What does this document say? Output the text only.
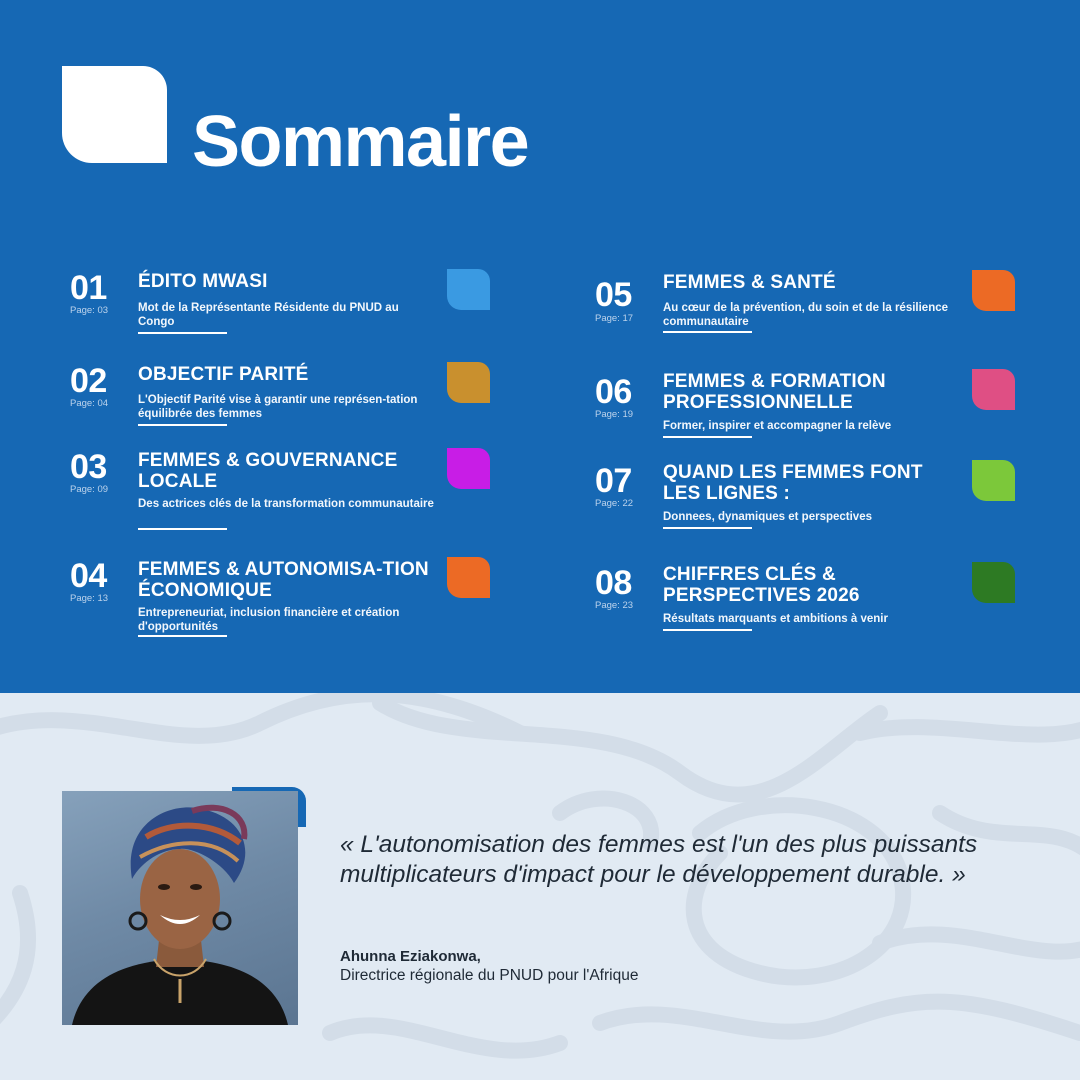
Sommaire
01
Page: 03
ÉDITO MWASI
Mot de la Représentante Résidente du PNUD au Congo
02
Page: 04
OBJECTIF PARITÉ
L'Objectif Parité vise à garantir une représen-tation équilibrée des femmes
03
Page: 09
FEMMES & GOUVERNANCE LOCALE
Des actrices clés de la transformation communautaire
04
Page: 13
FEMMES & AUTONOMISA-TION ÉCONOMIQUE
Entrepreneuriat, inclusion financière et création d'opportunités
05
Page: 17
FEMMES & SANTÉ
Au cœur de la prévention, du soin et de la résilience communautaire
06
Page: 19
FEMMES & FORMATION PROFESSIONNELLE
Former, inspirer et accompagner la relève
07
Page: 22
QUAND LES FEMMES FONT LES LIGNES :
Donnees, dynamiques et perspectives
08
Page: 23
CHIFFRES CLÉS & PERSPECTIVES 2026
Résultats marquants et ambitions à venir
« L'autonomisation des femmes est l'un des plus puissants multiplicateurs d'impact pour le développement durable. »
Ahunna Eziakonwa,
Directrice régionale du PNUD pour l'Afrique
